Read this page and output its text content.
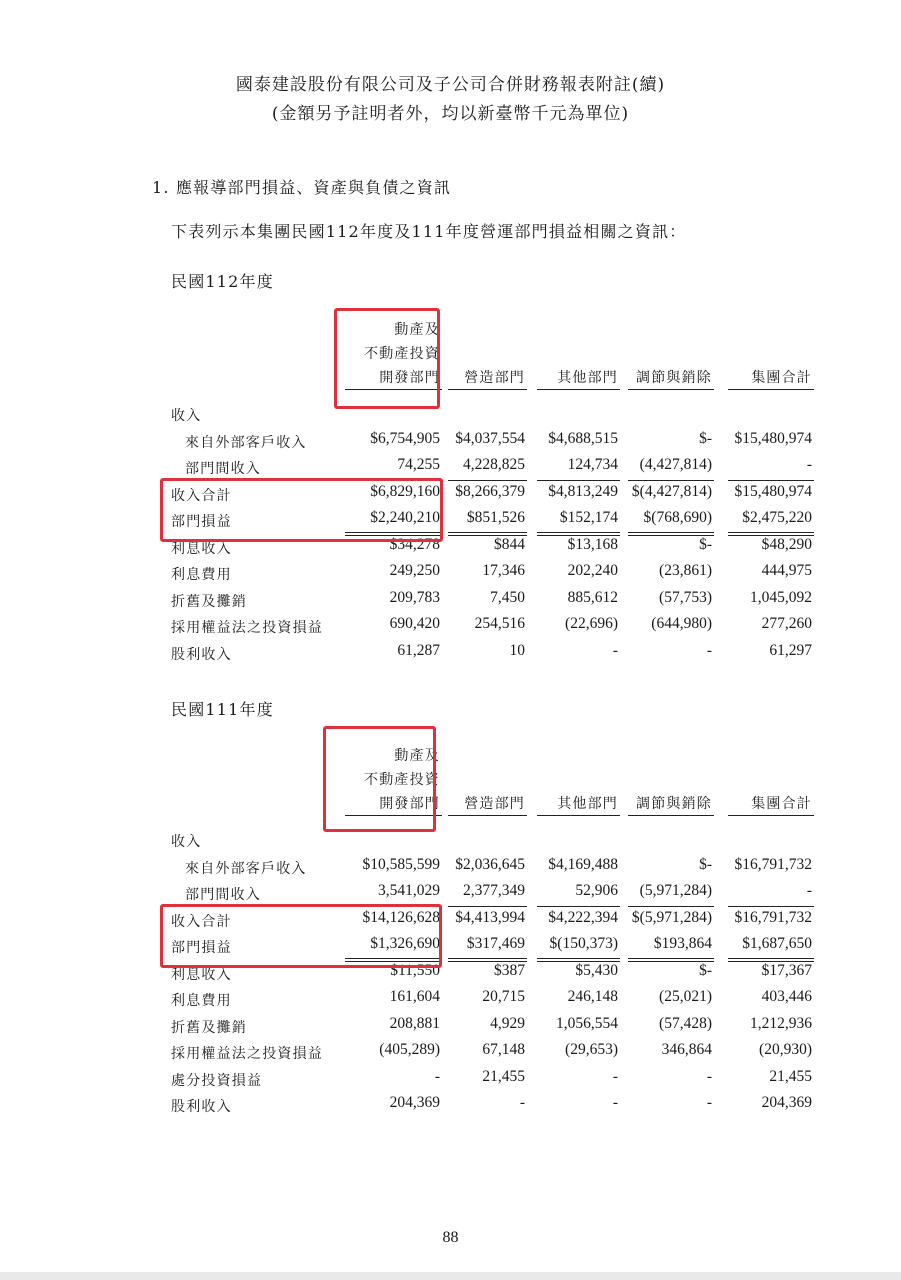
國泰建設股份有限公司及子公司合併財務報表附註(續)
(金額另予註明者外，均以新臺幣千元為單位)
1. 應報導部門損益、資產與負債之資訊
下表列示本集團民國112年度及111年度營運部門損益相關之資訊：
民國112年度
民國111年度
88
動產及
不動產投資
開發部門	營造部門	其他部門	調節與銷除	集團合計
收入
來自外部客戶收入	$6,754,905 $4,037,554	$4,688,515	$-	$15,480,974
部門間收入	74,255	4,228,825	124,734	(4,427,814)	-
收入合計	$6,829,160 $8,266,379	$4,813,249 $(4,427,814)	$15,480,974
部門損益	$2,240,210	$851,526	$152,174	$(768,690)	$2,475,220
利息收入	$34,278	$844	$13,168	$-	$48,290
利息費用	249,250	17,346	202,240	(23,861)	444,975
折舊及攤銷	209,783	7,450	885,612	(57,753)	1,045,092
採用權益法之投資損益	690,420	254,516	(22,696)	(644,980)	277,260
股利收入	61,287	10	-	-	61,297
動產及
不動產投資
開發部門	營造部門	其他部門	調節與銷除	集團合計
收入
來自外部客戶收入	$10,585,599 $2,036,645	$4,169,488	$-	$16,791,732
部門間收入	3,541,029	2,377,349	52,906	(5,971,284)	-
收入合計	$14,126,628 $4,413,994	$4,222,394 $(5,971,284)	$16,791,732
部門損益	$1,326,690	$317,469	$(150,373)	$193,864	$1,687,650
利息收入	$11,550	$387	$5,430	$-	$17,367
利息費用	161,604	20,715	246,148	(25,021)	403,446
折舊及攤銷	208,881	4,929	1,056,554	(57,428)	1,212,936
採用權益法之投資損益	(405,289)	67,148	(29,653)	346,864	(20,930)
處分投資損益	-	21,455	-	-	21,455
股利收入	204,369	-	-	-	204,369
